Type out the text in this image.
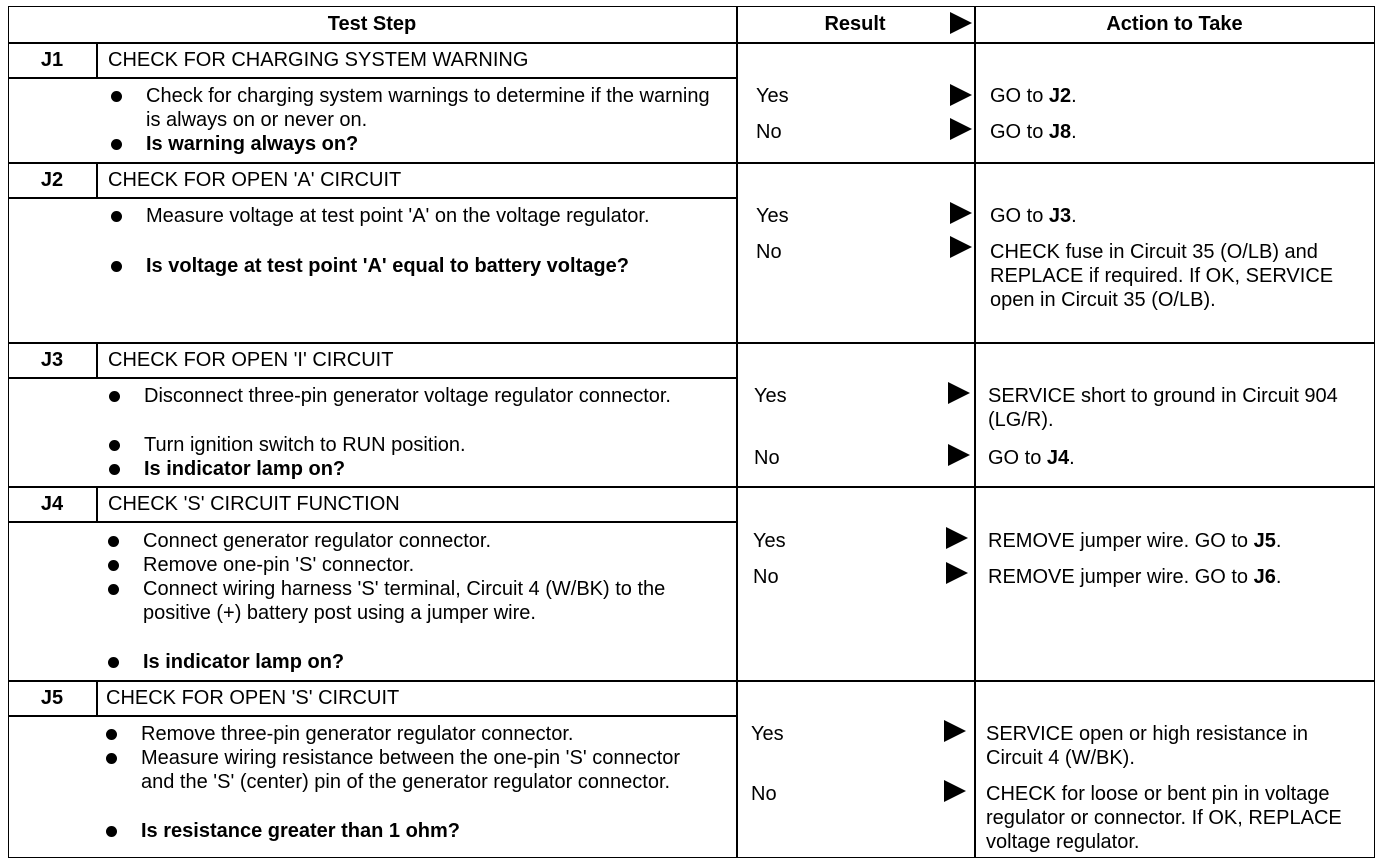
Test Step	Result	Action to Take
J1	CHECK FOR CHARGING SYSTEM WARNING
Check for charging system warnings to determine if the warning is always on or never on.
Is warning always on?
Yes	GO to J2.
No	GO to J8.
J2	CHECK FOR OPEN 'A' CIRCUIT
Measure voltage at test point 'A' on the voltage regulator.
Is voltage at test point 'A' equal to battery voltage?
Yes	GO to J3.
No	CHECK fuse in Circuit 35 (O/LB) and REPLACE if required. If OK, SERVICE open in Circuit 35 (O/LB).
J3	CHECK FOR OPEN 'I' CIRCUIT
Disconnect three-pin generator voltage regulator connector.
Turn ignition switch to RUN position.
Is indicator lamp on?
Yes	SERVICE short to ground in Circuit 904 (LG/R).
No	GO to J4.
J4	CHECK 'S' CIRCUIT FUNCTION
Connect generator regulator connector.
Remove one-pin 'S' connector.
Connect wiring harness 'S' terminal, Circuit 4 (W/BK) to the positive (+) battery post using a jumper wire.
Is indicator lamp on?
Yes	REMOVE jumper wire. GO to J5.
No	REMOVE jumper wire. GO to J6.
J5	CHECK FOR OPEN 'S' CIRCUIT
Remove three-pin generator regulator connector.
Measure wiring resistance between the one-pin 'S' connector and the 'S' (center) pin of the generator regulator connector.
Is resistance greater than 1 ohm?
Yes	SERVICE open or high resistance in Circuit 4 (W/BK).
No	CHECK for loose or bent pin in voltage regulator or connector. If OK, REPLACE voltage regulator.
